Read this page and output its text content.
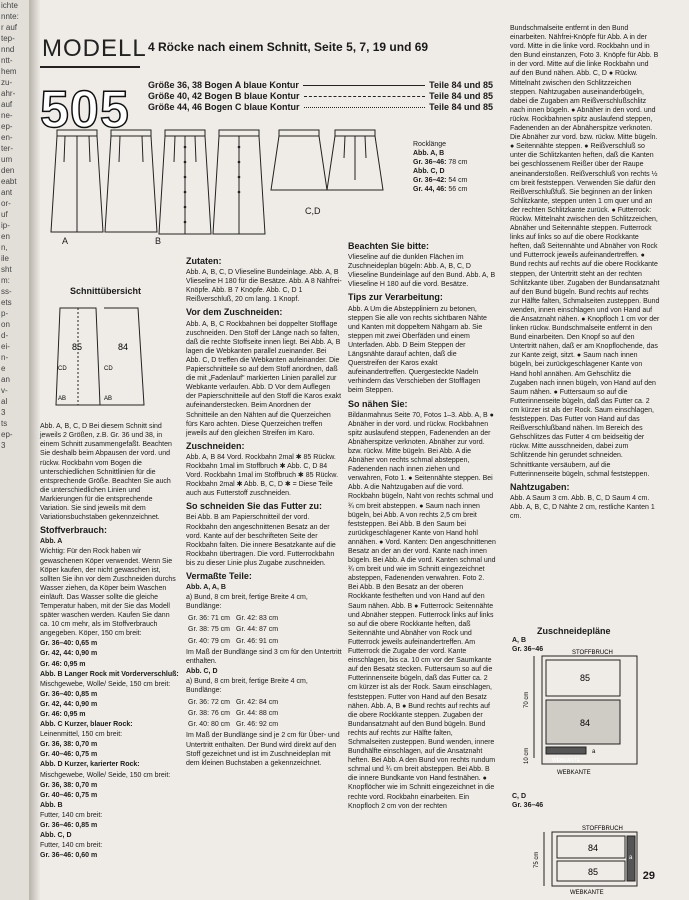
ichte
nnte:
r auf
tep-
nnd
ntt-
hem
zu-
ahr-
auf
ne-
ep-
en-
ter-
um
den
eabt
ant
or-
uf
ip-
en
n,
ile
sht
m:
ss-
ets
p-
on
d-
ei-
n-
e
an
v-
al
3
ts
ep-
3
MODELL 4 Röcke nach einem Schnitt, Seite 5, 7, 19 und 69
505 Größe 36, 38 Bogen A blaue Kontur	Teile 84 und 85
Größe 40, 42 Bogen B blaue Kontur	Teile 84 und 85
Größe 44, 46 Bogen C blaue Kontur	Teile 84 und 85
A	B
C,D
Rocklänge
Abb. A, B
Gr. 36–46: 78 cm
Abb. C, D
Gr. 36–42: 54 cm
Gr. 44, 46: 56 cm
Schnittübersicht
85	84
CD
AB
CD
AB

Abb. A, B, C, D Bei diesem Schnitt sind jeweils 2 Größen, z.B. Gr. 36 und 38, in einem Schnitt zusammengefaßt. Beachten Sie deshalb beim Abpausen der vord. und rückw. Rockbahn vom Bogen die unterschiedlichen Schnittlinien für die entsprechende Größe. Beachten Sie auch die unterschiedlichen Linien und Markierungen für die entsprechende Variation. Sie sind jeweils mit dem Variationsbuchstaben gekennzeichnet.

Stoffverbrauch:

Abb. A

Wichtig: Für den Rock haben wir gewaschenen Köper verwendet. Wenn Sie Köper kaufen, der nicht gewaschen ist, sollten Sie ihn vor dem Zuschneiden durchs Wasser ziehen, da Köper beim Waschen einläuft. Das Wasser sollte die gleiche Temperatur haben, mit der Sie das Modell später waschen werden. Kaufen Sie dann ca. 10 cm mehr, als im Stoffverbrauch angegeben. Köper, 150 cm breit:

Gr. 36–40: 0,65 m

Gr. 42, 44: 0,90 m

Gr. 46: 0,95 m

Abb. B Langer Rock mit Vorderverschluß:

Mischgewebe, Wolle/ Seide, 150 cm breit:

Gr. 36–40: 0,85 m

Gr. 42, 44: 0,90 m

Gr. 46: 0,95 m

Abb. C Kurzer, blauer Rock:

Leinenmittel, 150 cm breit:

Gr. 36, 38: 0,70 m

Gr. 40–46: 0,75 m

Abb. D Kurzer, karierter Rock:

Mischgewebe, Wolle/ Seide, 150 cm breit:

Gr. 36, 38: 0,70 m

Gr. 40–46: 0,75 m

Abb. B

Futter, 140 cm breit:

Gr. 36–46: 0,85 m

Abb. C, D

Futter, 140 cm breit:

Gr. 36–46: 0,60 m

Zutaten:

Abb. A, B, C, D Vlieseline Bundeinlage. Abb. A, B Vlieseline H 180 für die Besätze. Abb. A 8 Nähfrei-Knöpfe. Abb. B 7 Knöpfe. Abb. C, D 1 Reißverschluß, 20 cm lang. 1 Knopf.

Vor dem Zuschneiden:

Abb. A, B, C Rockbahnen bei doppelter Stofflage zuschneiden. Den Stoff der Länge nach so falten, daß die rechte Stoffseite innen liegt. Bei Abb. A, B lagen die Webkanten parallel zueinander. Bei Abb. C, D treffen die Webkanten aufeinander. Die Papierschnitteile so auf dem Stoff anordnen, daß die mit „Fadenlauf" markierten Linien parallel zur Webkante verlaufen. Abb. D Vor dem Auflegen der Papierschnitteile auf den Stoff die Karos exakt aufeinanderstecken. Beim Anordnen der Schnitteile an den Nähten auf die Querzeichen fürs Karo achten. Diese Querzeichen treffen jeweils auf den gleichen Streifen im Karo.

Zuschneiden:

Abb. A, B 84 Vord. Rockbahn 2mal ✱ 85 Rückw. Rockbahn 1mal im Stoffbruch ✱ Abb. C, D 84 Vord. Rockbahn 1mal im Stoffbruch ✱ 85 Rückw. Rockbahn 2mal ✱ Abb. B, C, D ✱ = Diese Teile auch aus Futterstoff zuschneiden.

So schneiden Sie das Futter zu:

Bei Abb. B am Papierschnitteil der vord. Rockbahn den angeschnittenen Besatz an der vord. Kante auf der beschrifteten Seite der Rockbahn falten. Die innere Besatzkante auf die Rockbahn übertragen. Die vord. Futterrockbahn bis zu dieser Linie plus Zugabe zuschneiden.

Vermaßte Teile:

Abb. A, A, B

a) Bund, 8 cm breit, fertige Breite 4 cm, Bundlänge:

Gr. 36: 71 cm	Gr. 42: 83 cm
Gr. 38: 75 cm	Gr. 44: 87 cm
Gr. 40: 79 cm	Gr. 46: 91 cm

Im Maß der Bundlänge sind 3 cm für den Untertritt enthalten.

Abb. C, D

a) Bund, 8 cm breit, fertige Breite 4 cm, Bundlänge:

Gr. 36: 72 cm	Gr. 42: 84 cm
Gr. 38: 76 cm	Gr. 44: 88 cm
Gr. 40: 80 cm	Gr. 46: 92 cm

Im Maß der Bundlänge sind je 2 cm für Über- und Untertritt enthalten. Der Bund wird direkt auf den Stoff gezeichnet und ist im Zuschneideplan mit dem kleinen Buchstaben a gekennzeichnet.

Beachten Sie bitte:

Vlieseline auf die dunklen Flächen im Zuschneideplan bügeln: Abb. A, B, C, D Vlieseline Bundeinlage auf den Bund. Abb. A, B Vlieseline H 180 auf die vord. Besätze.

Tips zur Verarbeitung:

Abb. A Um die Absteppliniern zu betonen, steppen Sie alle von rechts sichtbaren Nähte und Kanten mit doppeltem Nähgarn ab. Sie steppen mit zwei Oberfäden und einem Unterfaden. Abb. D Beim Steppen der Längsnähte darauf achten, daß die Querstreifen der Karos exakt aufeinandertreffen. Quergesteckte Nadeln verhindern das Verschieben der Stofflagen beim Steppen.

So nähen Sie:

Bildanmahnus Seite 70, Fotos 1–3. Abb. A, B ● Abnäher in der vord. und rückw. Rockbahnen spitz auslaufend steppen, Fadenenden an der Abnäherspitze verknoten. Abnäher zur vord. bzw. rückw. Mitte bügeln. Bei Abb. A die Abnäher von rechts schmal absteppen, Fadenenden nach innen ziehen und verwahren, Foto 1. ● Seitennähte steppen. Bei Abb. A die Nahtzugaben auf die vord. Rockbahn bügeln, Naht von rechts schmal und ¾ cm breit absteppen. ● Saum nach innen bügeln, bei Abb. A von rechts 2,5 cm breit feststeppen. Bei Abb. B den Saum bei zurückgeschlagener Kante von Hand hohl annähen. ● Vord. Kanten: Den angeschnittenen Besatz an der an der vord. Kante nach innen bügeln. Bei Abb. A die vord. Kanten schmal und ¾ cm breit und wie im Schnitt eingezeichnet absteppen, Fadenenden verwahren. Foto 2. Bei Abb. B den Besatz an der oberen Rockkante festheften und von Hand auf den Saum nähen. Abb. B ● Futterrock: Seitennähte und Abnäher steppen. Futterrock links auf links so auf die obere Rockkante heften, daß Seitennähte und Abnäher von Rock und Futterrock jeweils aufeinandertreffen. Am Futterrock die Zugabe der vord. Kante einschlagen, bis ca. 10 cm vor der Saumkante auf den Besatz stecken. Futtersaum so auf die Futterinnenseite bügeln, daß das Futter ca. 2 cm kürzer ist als der Rock. Saum einschlagen, feststeppen. Futter von Hand auf den Besatz nähen. Abb. A, B ● Bund rechts auf rechts auf die obere Rockkante steppen. Zugaben der Bundansatznaht auf den Bund bügeln. Bund rechts auf rechts zur Hälfte falten, Schmalseiten zusteppen. Bund wenden, innere Bundhälfte einschlagen, auf die Ansatznaht heften. Bei Abb. A den Bund von rechts rundum schmal und ¾ cm breit absteppen. Bei Abb. B die innere Bundkante von Hand festnähen. ● Knopflöcher wie im Schnitt eingezeichnet in die rechte vord. Rockbahn einarbeiten. Ein Knopfloch 2 cm von der rechten

Bundschmalseite entfernt in den Bund einarbeiten. Nähfrei-Knöpfe für Abb. A in der vord. Mitte in die linke vord. Rockbahn und in den Bund einstanzen, Foto 3. Knöpfe für Abb. B in der vord. Mitte auf die linke Rockbahn und auf den Bund nähen. Abb. C, D ● Rückw. Mittelnaht zwischen den Schlitzzeichen steppen. Nahtzugaben auseinanderbügeln, dabei die Zugaben am Reißverschlußschlitz nach innen bügeln. ● Abnäher in den vord. und rückw. Rockbahnen spitz auslaufend steppen, Fadenenden an der Abnäherspitze verknoten. Die Abnäher zur vord. bzw. rückw. Mitte bügeln. ● Seitennähte steppen. ● Reißverschluß so unter die Schlitzkanten heften, daß die Kanten bei geschlossenem Reißer über der Raupe aneinanderstoßen. Reißverschluß von rechts ½ cm breit feststeppen. Verwenden Sie dafür den Reißverschlußfuß. Sie beginnen an der linken Schlitzkante, steppen unten 1 cm quer und an der rechten Schlitzkante zurück. ● Futterrock: Rückw. Mittelnaht zwischen den Schlitzzeichen, Abnäher und Seitennähte steppen. Futterrock links auf links so auf die obere Rockkante heften, daß Seitennähte und Abnäher von Rock und Futterrock jeweils aufeinandertreffen. ● Bund rechts auf rechts auf die obere Rockkante steppen, der Untertritt steht an der rechten Schlitzkante über. Zugaben der Bundansatznaht auf den Bund bügeln. Bund rechts auf rechts zur Hälfte falten, Schmalseiten zusteppen. Bund wenden, innen einschlagen und von Hand auf die Ansatznaht nähen. ● Knopfloch 1 cm vor der linken rückw. Bundschmalseite entfernt in den Bund einarbeiten. Den Knopf so auf den Untertritt nähen, daß er am Knopflochende, das zur Kante zeigt, sitzt. ● Saum nach innen bügeln, bei zurückgeschlagener Kante von Hand hohl annähen. Am Gehschlitz die Zugaben nach innen bügeln, von Hand auf den Saum nähen. ● Futtersaum so auf die Futterinnenseite bügeln, daß das Futter ca. 2 cm kürzer ist als der Rock. Saum einschlagen, feststeppen. Das Futter von Hand auf das Reißverschlußband nähen. Im Bereich des Gehschlitzes das Futter 4 cm beidseitig der rückw. Mitte ausschneiden, dabei zum Schlitzende hin gerundet schneiden. Schnittkante versäubern, auf die Futterinnenseite bügeln, schmal feststeppen.

Nahtzugaben:

Abb. A Saum 3 cm. Abb. B, C, D Saum 4 cm. Abb. A, B, C, D Nähte 2 cm, restliche Kanten 1 cm.

Zuschneidepläne
A, B
Gr. 36–46	STOFFBRUCH
85
84
a
70 cm
10 cm	WEBKANTE
WEBKANTE
C, D
Gr. 36–46
STOFFBRUCH
84
85
a
75 cm
WEBKANTE
29
